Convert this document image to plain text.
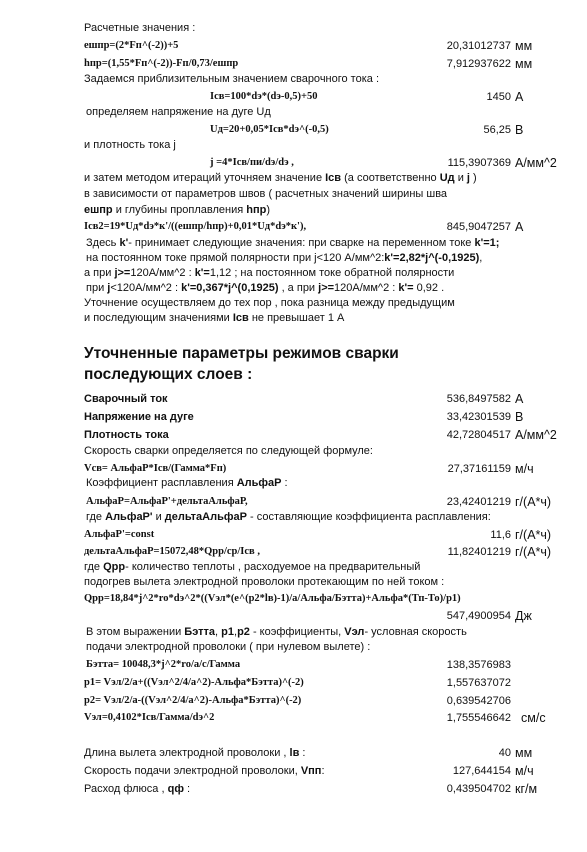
Расчетные значения :
ешпр=(2*Fп^(-2))+5	20,31012737 мм
hпр=(1,55*Fп^(-2))-Fп/0,73/ешпр	7,912937622 мм
Задаемся приблизительным значением сварочного тока :
Iсв=100*dэ*(dэ-0,5)+50	1450 А
определяем напряжение на дуге Uд
Uд=20+0,05*Iсв*dэ^(-0,5)	56,25 В
и плотность тока j
j =4*Iсв/пи/dэ/dэ ,	115,3907369 А/мм^2
и затем методом итераций уточняем значение Iсв (а соответственно Uд и j )
в зависимости от параметров швов ( расчетных значений ширины шва
ешпр и глубины проплавления hпр)
Iсв2=19*Uд*dэ*к'/((ешпр/hпр)+0,01*Uд*dэ*к'),	845,9047257 А
Здесь k'- принимает следующие значения: при сварке на переменном токе k'=1;
на постоянном токе прямой полярности при j<120 А/мм^2:k'=2,82*j^(-0,1925),
а при j>=120А/мм^2 : k'=1,12 ; на постоянном токе обратной полярности
при j<120А/мм^2 : k'=0,367*j^(0,1925) , а при j>=120А/мм^2 : k'= 0,92 .
Уточнение осуществляем до тех пор , пока разница между предыдущим
и последующим значениями Iсв не превышает 1 А
Уточненные параметры режимов сварки
последующих слоев :
Сварочный ток	536,8497582 А
Напряжение на дуге	33,42301539 В
Плотность тока	42,72804517 А/мм^2
Скорость сварки определяется по следующей формуле:
Vсв= АльфаР*Iсв/(Гамма*Fп)	27,37161159 м/ч
Коэффициент расплавления АльфаР :
АльфаР=АльфаР'+дельтаАльфаР,	23,42401219 г/(А*ч)
где АльфаР' и дельтаАльфаР - составляющие коэффициента расплавления:
АльфаР'=const	11,6 г/(А*ч)
дельтаАльфаР=15072,48*Qрр/ср/Iсв ,	11,82401219 г/(А*ч)
где Qрр- количество теплоты , расходуемое на предварительный
подогрев вылета электродной проволоки протекающим по ней током :
Qрр=18,84*j^2*ro*dэ^2*((Vэл*(e^(p2*lв)-1)/а/Альфа/Бэтта)+Альфа*(Тп-То)/p1)
547,4900954 Дж
В этом выражении Бэтта, p1,p2 - коэффициенты, Vэл- условная скорость
подачи электродной проволоки ( при нулевом вылете) :
Бэтта= 10048,3*j^2*ro/а/с/Гамма	138,3576983
p1= Vэл/2/а+((Vэл^2/4/а^2)-Альфа*Бэтта)^(-2)	1,557637072
p2= Vэл/2/а-((Vэл^2/4/а^2)-Альфа*Бэтта)^(-2)	0,639542706
Vэл=0,4102*Iсв/Гамма/dэ^2	1,755546642 см/с
Длина вылета электродной проволоки , lв :	40 мм
Скорость подачи электродной проволоки, Vпп:	127,644154 м/ч
Расход флюса , qф :	0,439504702 кг/м
